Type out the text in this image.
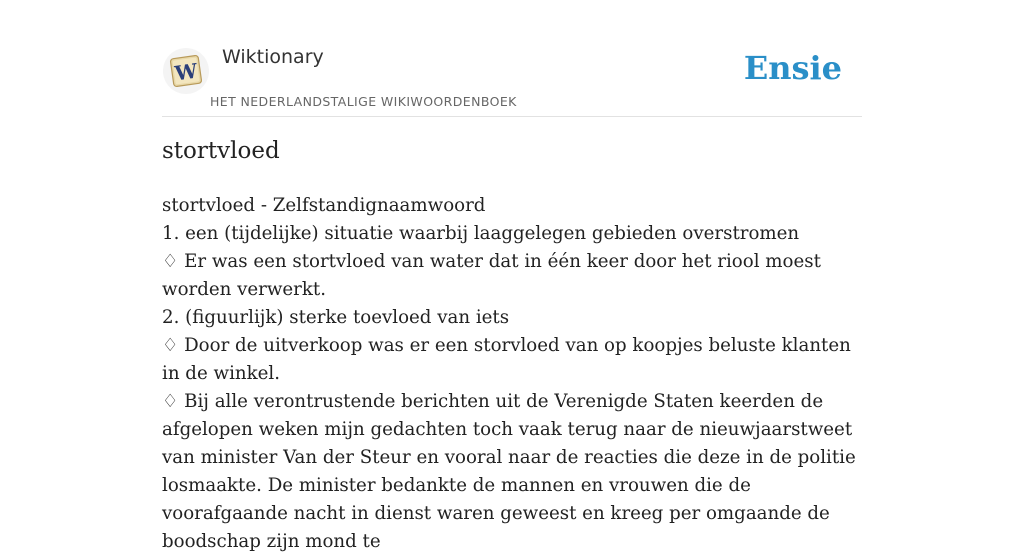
W
Wiktionary
HET NEDERLANDSTALIGE WIKIWOORDENBOEK
Ensie
stortvloed

stortvloed - Zelfstandignaamwoord

1. een (tijdelijke) situatie waarbij laaggelegen gebieden overstromen

♢ Er was een stortvloed van water dat in één keer door het riool moest worden verwerkt.

2. (figuurlijk) sterke toevloed van iets

♢ Door de uitverkoop was er een storvloed van op koopjes beluste klanten in de winkel.

♢ Bij alle verontrustende berichten uit de Verenigde Staten keerden de afgelopen weken mijn gedachten toch vaak terug naar de nieuwjaarstweet van minister Van der Steur en vooral naar de reacties die deze in de politie losmaakte. De minister bedankte de mannen en vrouwen die de voorafgaande nacht in dienst waren geweest en kreeg per omgaande de boodschap zijn mond te
